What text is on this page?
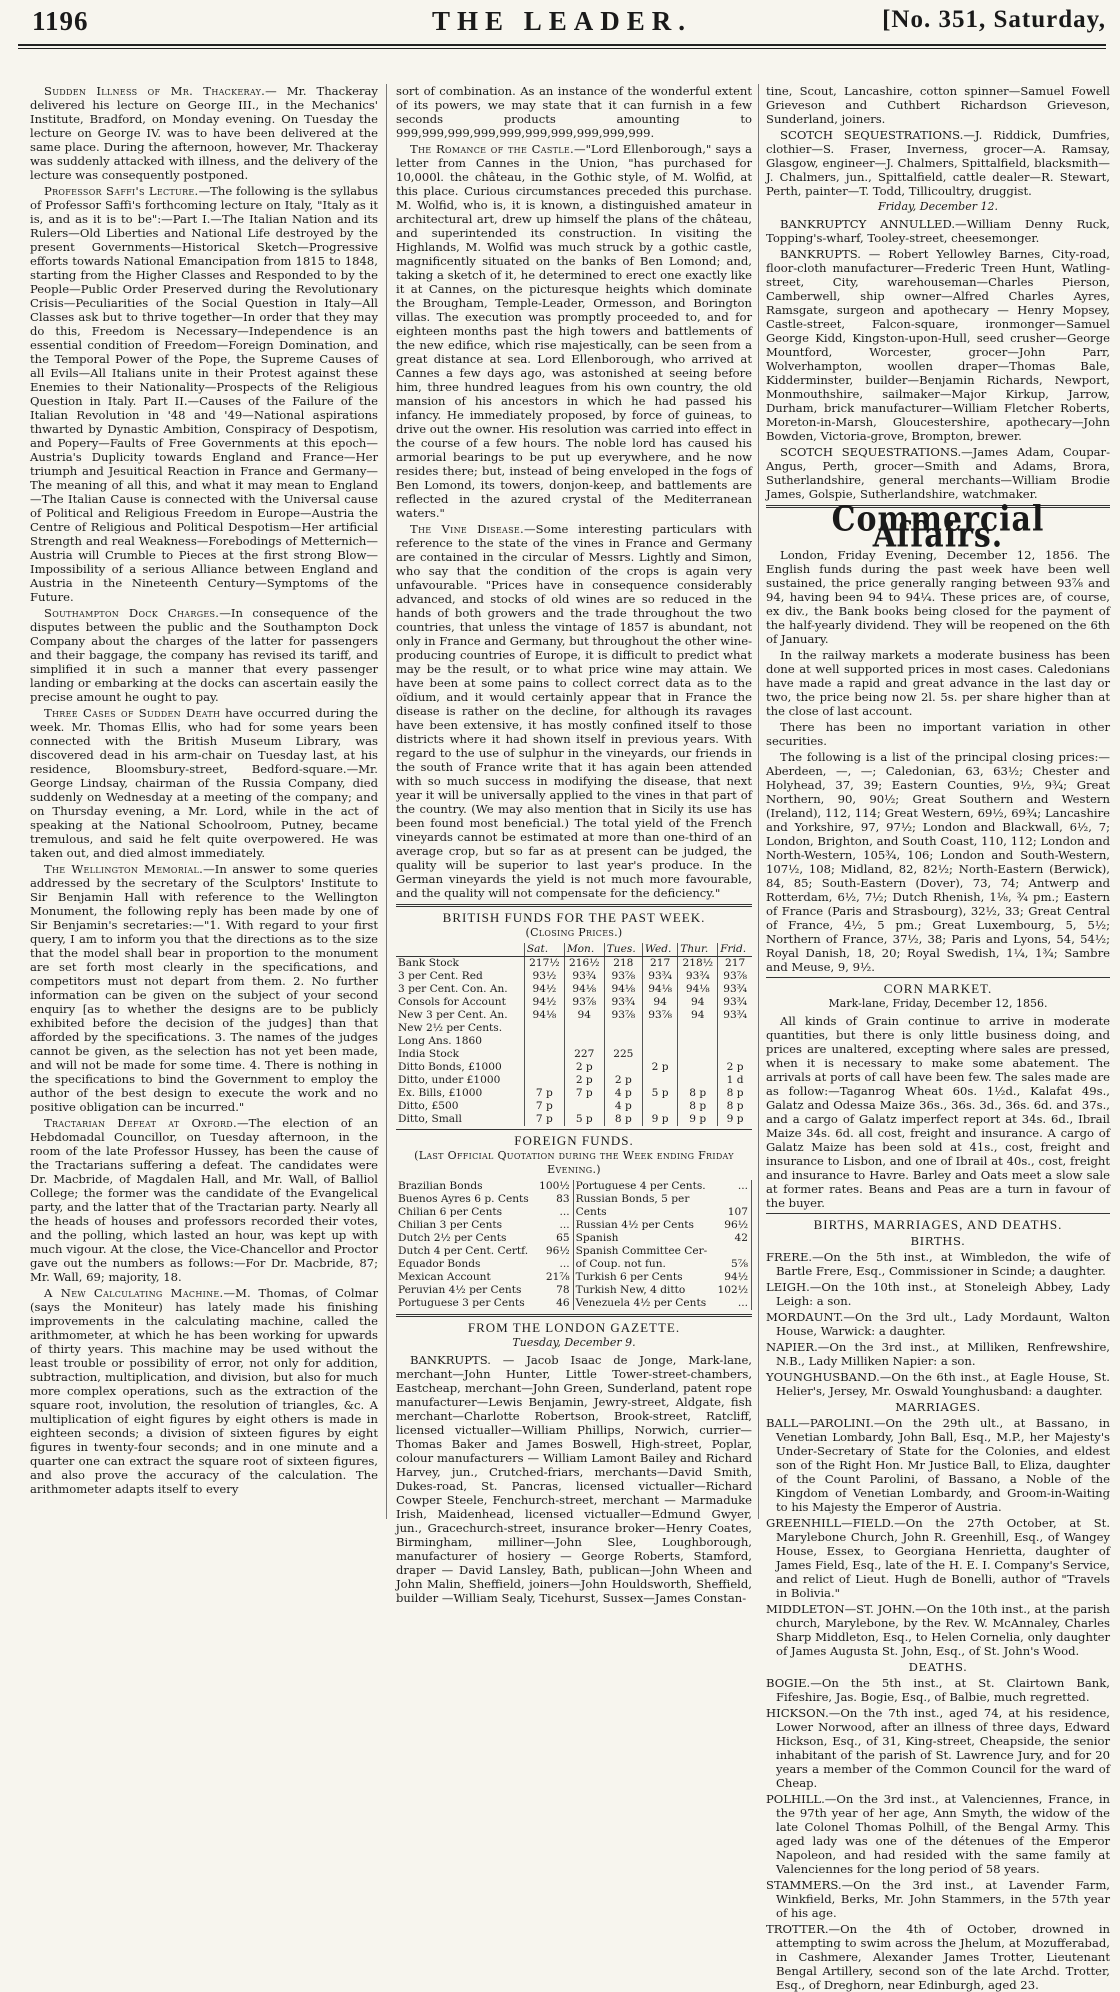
1196	THE LEADER.	[No. 351, Saturday,

Sudden Illness of Mr. Thackeray.— Mr. Thackeray delivered his lecture on George III., in the Mechanics' Institute, Bradford, on Monday evening. On Tuesday the lecture on George IV. was to have been delivered at the same place. During the afternoon, however, Mr. Thackeray was suddenly attacked with illness, and the delivery of the lecture was consequently postponed.

Professor Saffi's Lecture.—The following is the syllabus of Professor Saffi's forthcoming lecture on Italy, "Italy as it is, and as it is to be":—Part I.—The Italian Nation and its Rulers—Old Liberties and National Life destroyed by the present Governments—Historical Sketch—Progressive efforts towards National Emancipation from 1815 to 1848, starting from the Higher Classes and Responded to by the People—Public Order Preserved during the Revolutionary Crisis—Peculiarities of the Social Question in Italy—All Classes ask but to thrive together—In order that they may do this, Freedom is Necessary—Independence is an essential condition of Freedom—Foreign Domination, and the Temporal Power of the Pope, the Supreme Causes of all Evils—All Italians unite in their Protest against these Enemies to their Nationality—Prospects of the Religious Question in Italy. Part II.—Causes of the Failure of the Italian Revolution in '48 and '49—National aspirations thwarted by Dynastic Ambition, Conspiracy of Despotism, and Popery—Faults of Free Governments at this epoch—Austria's Duplicity towards England and France—Her triumph and Jesuitical Reaction in France and Germany—The meaning of all this, and what it may mean to England—The Italian Cause is connected with the Universal cause of Political and Religious Freedom in Europe—Austria the Centre of Religious and Political Despotism—Her artificial Strength and real Weakness—Forebodings of Metternich—Austria will Crumble to Pieces at the first strong Blow—Impossibility of a serious Alliance between England and Austria in the Nineteenth Century—Symptoms of the Future.

Southampton Dock Charges.—In consequence of the disputes between the public and the Southampton Dock Company about the charges of the latter for passengers and their baggage, the company has revised its tariff, and simplified it in such a manner that every passenger landing or embarking at the docks can ascertain easily the precise amount he ought to pay.

Three Cases of Sudden Death have occurred during the week. Mr. Thomas Ellis, who had for some years been connected with the British Museum Library, was discovered dead in his arm-chair on Tuesday last, at his residence, Bloomsbury-street, Bedford-square.—Mr. George Lindsay, chairman of the Russia Company, died suddenly on Wednesday at a meeting of the company; and on Thursday evening, a Mr. Lord, while in the act of speaking at the National Schoolroom, Putney, became tremulous, and said he felt quite overpowered. He was taken out, and died almost immediately.

The Wellington Memorial.—In answer to some queries addressed by the secretary of the Sculptors' Institute to Sir Benjamin Hall with reference to the Wellington Monument, the following reply has been made by one of Sir Benjamin's secretaries:—"1. With regard to your first query, I am to inform you that the directions as to the size that the model shall bear in proportion to the monument are set forth most clearly in the specifications, and competitors must not depart from them. 2. No further information can be given on the subject of your second enquiry [as to whether the designs are to be publicly exhibited before the decision of the judges] than that afforded by the specifications. 3. The names of the judges cannot be given, as the selection has not yet been made, and will not be made for some time. 4. There is nothing in the specifications to bind the Government to employ the author of the best design to execute the work and no positive obligation can be incurred."

Tractarian Defeat at Oxford.—The election of an Hebdomadal Councillor, on Tuesday afternoon, in the room of the late Professor Hussey, has been the cause of the Tractarians suffering a defeat. The candidates were Dr. Macbride, of Magdalen Hall, and Mr. Wall, of Balliol College; the former was the candidate of the Evangelical party, and the latter that of the Tractarian party. Nearly all the heads of houses and professors recorded their votes, and the polling, which lasted an hour, was kept up with much vigour. At the close, the Vice-Chancellor and Proctor gave out the numbers as follows:—For Dr. Macbride, 87; Mr. Wall, 69; majority, 18.

A New Calculating Machine.—M. Thomas, of Colmar (says the Moniteur) has lately made his finishing improvements in the calculating machine, called the arithmometer, at which he has been working for upwards of thirty years. This machine may be used without the least trouble or possibility of error, not only for addition, subtraction, multiplication, and division, but also for much more complex operations, such as the extraction of the square root, involution, the resolution of triangles, &c. A multiplication of eight figures by eight others is made in eighteen seconds; a division of sixteen figures by eight figures in twenty-four seconds; and in one minute and a quarter one can extract the square root of sixteen figures, and also prove the accuracy of the calculation. The arithmometer adapts itself to every

sort of combination. As an instance of the wonderful extent of its powers, we may state that it can furnish in a few seconds products amounting to 999,999,999,999,999,999,999,999,999,999.

The Romance of the Castle.—"Lord Ellenborough," says a letter from Cannes in the Union, "has purchased for 10,000l. the château, in the Gothic style, of M. Wolfid, at this place. Curious circumstances preceded this purchase. M. Wolfid, who is, it is known, a distinguished amateur in architectural art, drew up himself the plans of the château, and superintended its construction. In visiting the Highlands, M. Wolfid was much struck by a gothic castle, magnificently situated on the banks of Ben Lomond; and, taking a sketch of it, he determined to erect one exactly like it at Cannes, on the picturesque heights which dominate the Brougham, Temple-Leader, Ormesson, and Borington villas. The execution was promptly proceeded to, and for eighteen months past the high towers and battlements of the new edifice, which rise majestically, can be seen from a great distance at sea. Lord Ellenborough, who arrived at Cannes a few days ago, was astonished at seeing before him, three hundred leagues from his own country, the old mansion of his ancestors in which he had passed his infancy. He immediately proposed, by force of guineas, to drive out the owner. His resolution was carried into effect in the course of a few hours. The noble lord has caused his armorial bearings to be put up everywhere, and he now resides there; but, instead of being enveloped in the fogs of Ben Lomond, its towers, donjon-keep, and battlements are reflected in the azured crystal of the Mediterranean waters."

The Vine Disease.—Some interesting particulars with reference to the state of the vines in France and Germany are contained in the circular of Messrs. Lightly and Simon, who say that the condition of the crops is again very unfavourable. "Prices have in consequence considerably advanced, and stocks of old wines are so reduced in the hands of both growers and the trade throughout the two countries, that unless the vintage of 1857 is abundant, not only in France and Germany, but throughout the other wine-producing countries of Europe, it is difficult to predict what may be the result, or to what price wine may attain. We have been at some pains to collect correct data as to the oïdium, and it would certainly appear that in France the disease is rather on the decline, for although its ravages have been extensive, it has mostly confined itself to those districts where it had shown itself in previous years. With regard to the use of sulphur in the vineyards, our friends in the south of France write that it has again been attended with so much success in modifying the disease, that next year it will be universally applied to the vines in that part of the country. (We may also mention that in Sicily its use has been found most beneficial.) The total yield of the French vineyards cannot be estimated at more than one-third of an average crop, but so far as at present can be judged, the quality will be superior to last year's produce. In the German vineyards the yield is not much more favourable, and the quality will not compensate for the deficiency."

BRITISH FUNDS FOR THE PAST WEEK.
(Closing Prices.)
	Sat.	Mon.	Tues.	Wed.	Thur.	Frid.
Bank Stock	217½	216½	218	217	218½	217
3 per Cent. Red	93½	93¾	93⅞	93¾	93¾	93⅞
3 per Cent. Con. An.	94½	94⅛	94⅛	94⅛	94⅛	93¾
Consols for Account	94½	93⅞	93¾	94	94	93¾
New 3 per Cent. An.	94⅛	94	93⅞	93⅞	94	93¾
New 2½ per Cents.						
Long Ans. 1860						
India Stock		227	225			
Ditto Bonds, £1000		2 p		2 p		2 p
Ditto, under £1000		2 p	2 p			1 d
Ex. Bills, £1000	7 p	7 p	4 p	5 p	8 p	8 p
Ditto, £500	7 p		4 p		8 p	8 p
Ditto, Small	7 p	5 p	8 p	9 p	9 p	9 p
FOREIGN FUNDS.
(Last Official Quotation during the Week ending Friday Evening.)
Brazilian Bonds	100½	Portuguese 4 per Cents.	...
Buenos Ayres 6 p. Cents	83	Russian Bonds, 5 per	
Chilian 6 per Cents	...	Cents	107
Chilian 3 per Cents	...	Russian 4½ per Cents	96½
Dutch 2½ per Cents	65	Spanish	42
Dutch 4 per Cent. Certf.	96½	Spanish Committee Cer-	
Equador Bonds	...	of Coup. not fun.	5⅞
Mexican Account	21⅞	Turkish 6 per Cents	94½
Peruvian 4½ per Cents	78	Turkish New, 4 ditto	102½
Portuguese 3 per Cents	46	Venezuela 4½ per Cents	...
FROM THE LONDON GAZETTE.
Tuesday, December 9.

BANKRUPTS. — Jacob Isaac de Jonge, Mark-lane, merchant—John Hunter, Little Tower-street-chambers, Eastcheap, merchant—John Green, Sunderland, patent rope manufacturer—Lewis Benjamin, Jewry-street, Aldgate, fish merchant—Charlotte Robertson, Brook-street, Ratcliff, licensed victualler—William Phillips, Norwich, currier—Thomas Baker and James Boswell, High-street, Poplar, colour manufacturers — William Lamont Bailey and Richard Harvey, jun., Crutched-friars, merchants—David Smith, Dukes-road, St. Pancras, licensed victualler—Richard Cowper Steele, Fenchurch-street, merchant — Marmaduke Irish, Maidenhead, licensed victualler—Edmund Gwyer, jun., Gracechurch-street, insurance broker—Henry Coates, Birmingham, milliner—John Slee, Loughborough, manufacturer of hosiery — George Roberts, Stamford, draper — David Lansley, Bath, publican—John Wheen and John Malin, Sheffield, joiners—John Houldsworth, Sheffield, builder —William Sealy, Ticehurst, Sussex—James Constan-

tine, Scout, Lancashire, cotton spinner—Samuel Fowell Grieveson and Cuthbert Richardson Grieveson, Sunderland, joiners.

SCOTCH SEQUESTRATIONS.—J. Riddick, Dumfries, clothier—S. Fraser, Inverness, grocer—A. Ramsay, Glasgow, engineer—J. Chalmers, Spittalfield, blacksmith—J. Chalmers, jun., Spittalfield, cattle dealer—R. Stewart, Perth, painter—T. Todd, Tillicoultry, druggist.

Friday, December 12.

BANKRUPTCY ANNULLED.—William Denny Ruck, Topping's-wharf, Tooley-street, cheesemonger.

BANKRUPTS. — Robert Yellowley Barnes, City-road, floor-cloth manufacturer—Frederic Treen Hunt, Watling-street, City, warehouseman—Charles Pierson, Camberwell, ship owner—Alfred Charles Ayres, Ramsgate, surgeon and apothecary — Henry Mopsey, Castle-street, Falcon-square, ironmonger—Samuel George Kidd, Kingston-upon-Hull, seed crusher—George Mountford, Worcester, grocer—John Parr, Wolverhampton, woollen draper—Thomas Bale, Kidderminster, builder—Benjamin Richards, Newport, Monmouthshire, sailmaker—Major Kirkup, Jarrow, Durham, brick manufacturer—William Fletcher Roberts, Moreton-in-Marsh, Gloucestershire, apothecary—John Bowden, Victoria-grove, Brompton, brewer.

SCOTCH SEQUESTRATIONS.—James Adam, Coupar-Angus, Perth, grocer—Smith and Adams, Brora, Sutherlandshire, general merchants—William Brodie James, Golspie, Sutherlandshire, watchmaker.

Commercial Affairs.

London, Friday Evening, December 12, 1856. The English funds during the past week have been well sustained, the price generally ranging between 93⅞ and 94, having been 94 to 94¼. These prices are, of course, ex div., the Bank books being closed for the payment of the half-yearly dividend. They will be reopened on the 6th of January.

In the railway markets a moderate business has been done at well supported prices in most cases. Caledonians have made a rapid and great advance in the last day or two, the price being now 2l. 5s. per share higher than at the close of last account.

There has been no important variation in other securities.

The following is a list of the principal closing prices:—Aberdeen, —, —; Caledonian, 63, 63½; Chester and Holyhead, 37, 39; Eastern Counties, 9½, 9¾; Great Northern, 90, 90½; Great Southern and Western (Ireland), 112, 114; Great Western, 69½, 69¾; Lancashire and Yorkshire, 97, 97½; London and Blackwall, 6½, 7; London, Brighton, and South Coast, 110, 112; London and North-Western, 105¾, 106; London and South-Western, 107½, 108; Midland, 82, 82½; North-Eastern (Berwick), 84, 85; South-Eastern (Dover), 73, 74; Antwerp and Rotterdam, 6½, 7½; Dutch Rhenish, 1⅛, ¾ pm.; Eastern of France (Paris and Strasbourg), 32½, 33; Great Central of France, 4½, 5 pm.; Great Luxembourg, 5, 5½; Northern of France, 37½, 38; Paris and Lyons, 54, 54½; Royal Danish, 18, 20; Royal Swedish, 1¼, 1¾; Sambre and Meuse, 9, 9½.

CORN MARKET.
Mark-lane, Friday, December 12, 1856.

All kinds of Grain continue to arrive in moderate quantities, but there is only little business doing, and prices are unaltered, excepting where sales are pressed, when it is necessary to make some abatement. The arrivals at ports of call have been few. The sales made are as follow:—Taganrog Wheat 60s. 1½d., Kalafat 49s., Galatz and Odessa Maize 36s., 36s. 3d., 36s. 6d. and 37s., and a cargo of Galatz imperfect report at 34s. 6d., Ibrail Maize 34s. 6d. all cost, freight and insurance. A cargo of Galatz Maize has been sold at 41s., cost, freight and insurance to Lisbon, and one of Ibrail at 40s., cost, freight and insurance to Havre. Barley and Oats meet a slow sale at former rates. Beans and Peas are a turn in favour of the buyer.

BIRTHS, MARRIAGES, AND DEATHS.
BIRTHS.
FRERE.—On the 5th inst., at Wimbledon, the wife of Bartle Frere, Esq., Commissioner in Scinde; a daughter.
LEIGH.—On the 10th inst., at Stoneleigh Abbey, Lady Leigh: a son.
MORDAUNT.—On the 3rd ult., Lady Mordaunt, Walton House, Warwick: a daughter.
NAPIER.—On the 3rd inst., at Milliken, Renfrewshire, N.B., Lady Milliken Napier: a son.
YOUNGHUSBAND.—On the 6th inst., at Eagle House, St. Helier's, Jersey, Mr. Oswald Younghusband: a daughter.
MARRIAGES.
BALL—PAROLINI.—On the 29th ult., at Bassano, in Venetian Lombardy, John Ball, Esq., M.P., her Majesty's Under-Secretary of State for the Colonies, and eldest son of the Right Hon. Mr Justice Ball, to Eliza, daughter of the Count Parolini, of Bassano, a Noble of the Kingdom of Venetian Lombardy, and Groom-in-Waiting to his Majesty the Emperor of Austria.
GREENHILL—FIELD.—On the 27th October, at St. Marylebone Church, John R. Greenhill, Esq., of Wangey House, Essex, to Georgiana Henrietta, daughter of James Field, Esq., late of the H. E. I. Company's Service, and relict of Lieut. Hugh de Bonelli, author of "Travels in Bolivia."
MIDDLETON—ST. JOHN.—On the 10th inst., at the parish church, Marylebone, by the Rev. W. McAnnaley, Charles Sharp Middleton, Esq., to Helen Cornelia, only daughter of James Augusta St. John, Esq., of St. John's Wood.
DEATHS.
BOGIE.—On the 5th inst., at St. Clairtown Bank, Fifeshire, Jas. Bogie, Esq., of Balbie, much regretted.
HICKSON.—On the 7th inst., aged 74, at his residence, Lower Norwood, after an illness of three days, Edward Hickson, Esq., of 31, King-street, Cheapside, the senior inhabitant of the parish of St. Lawrence Jury, and for 20 years a member of the Common Council for the ward of Cheap.
POLHILL.—On the 3rd inst., at Valenciennes, France, in the 97th year of her age, Ann Smyth, the widow of the late Colonel Thomas Polhill, of the Bengal Army. This aged lady was one of the détenues of the Emperor Napoleon, and had resided with the same family at Valenciennes for the long period of 58 years.
STAMMERS.—On the 3rd inst., at Lavender Farm, Winkfield, Berks, Mr. John Stammers, in the 57th year of his age.
TROTTER.—On the 4th of October, drowned in attempting to swim across the Jhelum, at Mozufferabad, in Cashmere, Alexander James Trotter, Lieutenant Bengal Artillery, second son of the late Archd. Trotter, Esq., of Dreghorn, near Edinburgh, aged 23.
